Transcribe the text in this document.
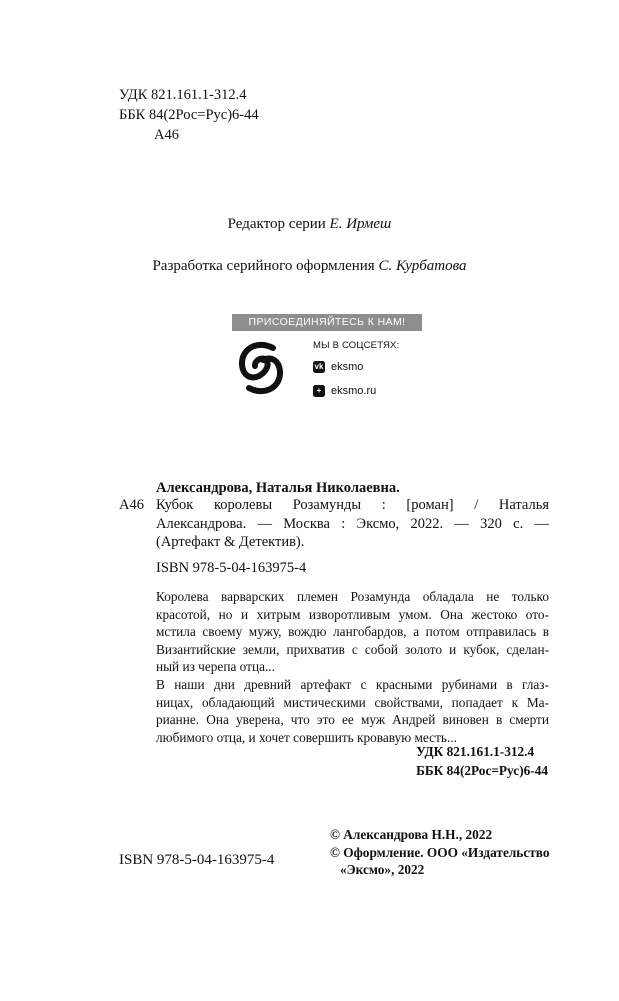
УДК 821.161.1-312.4
ББК 84(2Рос=Рус)6-44
А46
Редактор серии Е. Ирмеш
Разработка серийного оформления С. Курбатова
ПРИСОЕДИНЯЙТЕСЬ К НАМ!
МЫ В СОЦСЕТЯХ:
vk eksmo
+ eksmo.ru
Александрова, Наталья Николаевна.
А46 Кубок королевы Розамунды : [роман] / Наталья
Александрова. — Москва : Эксмо, 2022. — 320 с. —
(Артефакт & Детектив).
ISBN 978-5-04-163975-4
Королева варварских племен Розамунда обладала не только
красотой, но и хитрым изворотливым умом. Она жестоко ото-
мстила своему мужу, вождю лангобардов, а потом отправилась в
Византийские земли, прихватив с собой золото и кубок, сделан-
ный из черепа отца...
В наши дни древний артефакт с красными рубинами в глаз-
ницах, обладающий мистическими свойствами, попадает к Ма-
рианне. Она уверена, что это ее муж Андрей виновен в смерти
любимого отца, и хочет совершить кровавую месть...
УДК 821.161.1-312.4
ББК 84(2Рос=Рус)6-44
© Александрова Н.Н., 2022
© Оформление. ООО «Издательство
«Эксмо», 2022
ISBN 978-5-04-163975-4
